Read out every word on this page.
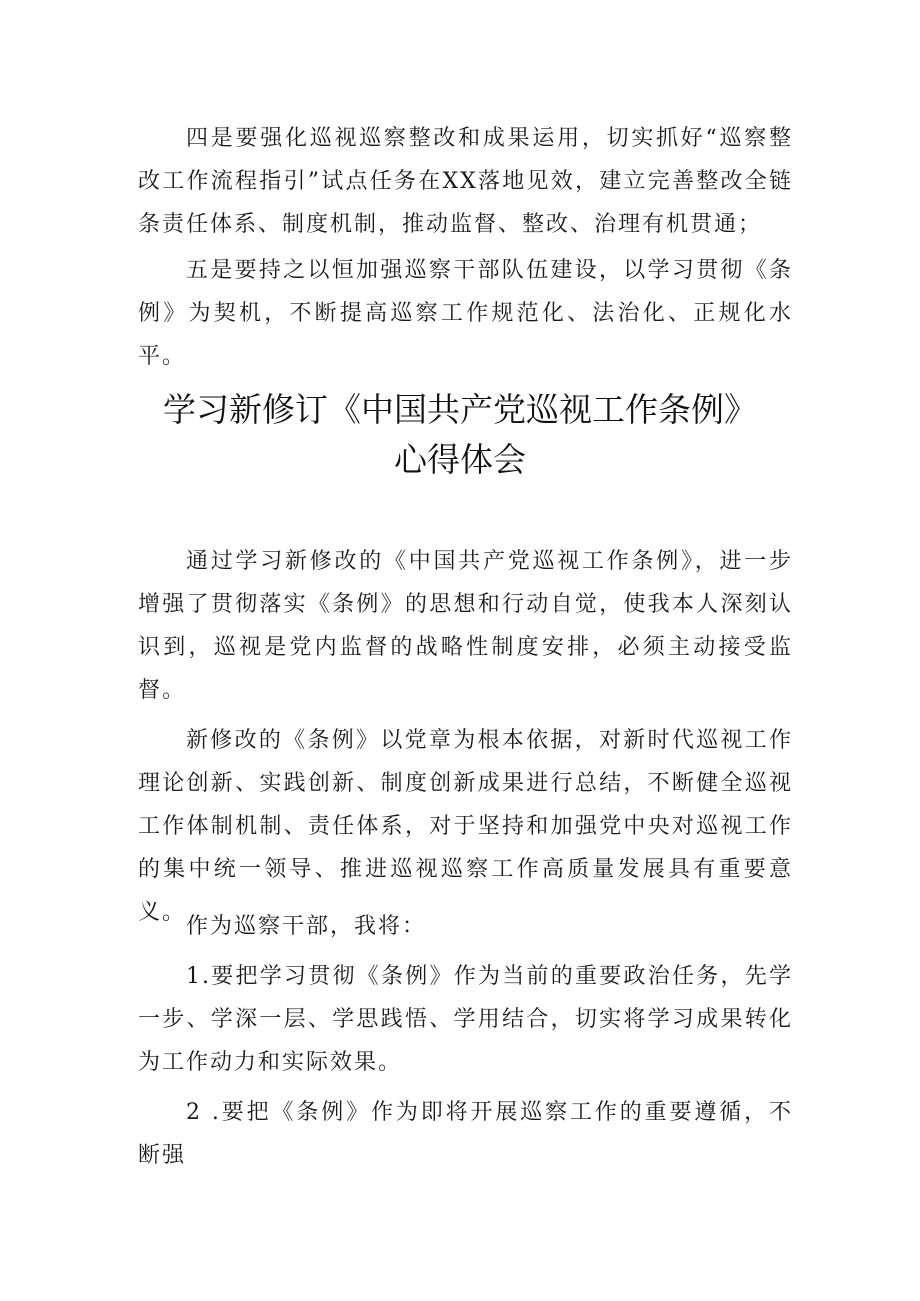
四是要强化巡视巡察整改和成果运用，切实抓好“巡察整改工作流程指引”试点任务在XX落地见效，建立完善整改全链条责任体系、制度机制，推动监督、整改、治理有机贯通；

五是要持之以恒加强巡察干部队伍建设，以学习贯彻《条例》为契机，不断提高巡察工作规范化、法治化、正规化水平。

学习新修订《中国共产党巡视工作条例》
心得体会

通过学习新修改的《中国共产党巡视工作条例》，进一步增强了贯彻落实《条例》的思想和行动自觉，使我本人深刻认识到，巡视是党内监督的战略性制度安排，必须主动接受监督。

新修改的《条例》以党章为根本依据，对新时代巡视工作理论创新、实践创新、制度创新成果进行总结，不断健全巡视工作体制机制、责任体系，对于坚持和加强党中央对巡视工作的集中统一领导、推进巡视巡察工作高质量发展具有重要意义。

作为巡察干部，我将：

1.要把学习贯彻《条例》作为当前的重要政治任务，先学一步、学深一层、学思践悟、学用结合，切实将学习成果转化为工作动力和实际效果。

2 .要把《条例》作为即将开展巡察工作的重要遵循，不断强
